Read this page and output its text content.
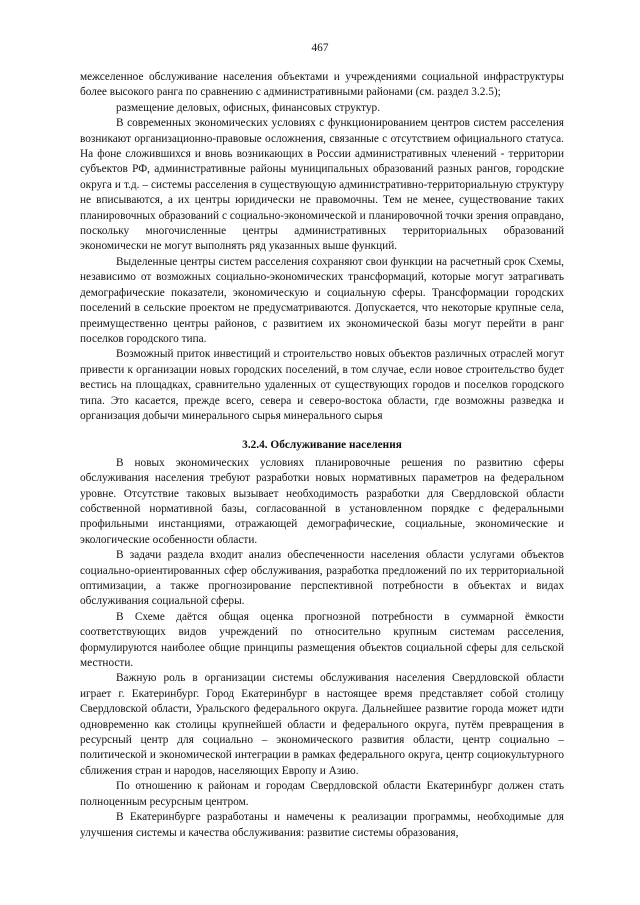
467

межселенное обслуживание населения объектами и учреждениями социальной инфраструктуры более высокого ранга по сравнению с административными районами (см. раздел 3.2.5);

размещение деловых, офисных, финансовых структур.

В современных экономических условиях с функционированием центров систем расселения возникают организационно-правовые осложнения, связанные с отсутствием официального статуса. На фоне сложившихся и вновь возникающих в России административных членений - территории субъектов РФ, административные районы муниципальных образований разных рангов, городские округа и т.д. – системы расселения в существующую административно-территориальную структуру не вписываются, а их центры юридически не правомочны. Тем не менее, существование таких планировочных образований с социально-экономической и планировочной точки зрения оправдано, поскольку многочисленные центры административных территориальных образований экономически не могут выполнять ряд указанных выше функций.

Выделенные центры систем расселения сохраняют свои функции на расчетный срок Схемы, независимо от возможных социально-экономических трансформаций, которые могут затрагивать демографические показатели, экономическую и социальную сферы. Трансформации городских поселений в сельские проектом не предусматриваются. Допускается, что некоторые крупные села, преимущественно центры районов, с развитием их экономической базы могут перейти в ранг поселков городского типа.

Возможный приток инвестиций и строительство новых объектов различных отраслей могут привести к организации новых городских поселений, в том случае, если новое строительство будет вестись на площадках, сравнительно удаленных от существующих городов и поселков городского типа. Это касается, прежде всего, севера и северо-востока области, где возможны разведка и организация добычи минерального сырья минерального сырья

3.2.4. Обслуживание населения

В новых экономических условиях планировочные решения по развитию сферы обслуживания населения требуют разработки новых нормативных параметров на федеральном уровне. Отсутствие таковых вызывает необходимость разработки для Свердловской области собственной нормативной базы, согласованной в установленном порядке с федеральными профильными инстанциями, отражающей демографические, социальные, экономические и экологические особенности области.

В задачи раздела входит анализ обеспеченности населения области услугами объектов социально-ориентированных сфер обслуживания, разработка предложений по их территориальной оптимизации, а также прогнозирование перспективной потребности в объектах и видах обслуживания социальной сферы.

В Схеме даётся общая оценка прогнозной потребности в суммарной ёмкости соответствующих видов учреждений по относительно крупным системам расселения, формулируются наиболее общие принципы размещения объектов социальной сферы для сельской местности.

Важную роль в организации системы обслуживания населения Свердловской области играет г. Екатеринбург. Город Екатеринбург в настоящее время представляет собой столицу Свердловской области, Уральского федерального округа. Дальнейшее развитие города может идти одновременно как столицы крупнейшей области и федерального округа, путём превращения в ресурсный центр для социально – экономического развития области, центр социально – политической и экономической интеграции в рамках федерального округа, центр социокультурного сближения стран и народов, населяющих Европу и Азию.

По отношению к районам и городам Свердловской области Екатеринбург должен стать полноценным ресурсным центром.

В Екатеринбурге разработаны и намечены к реализации программы, необходимые для улучшения системы и качества обслуживания: развитие системы образования,
